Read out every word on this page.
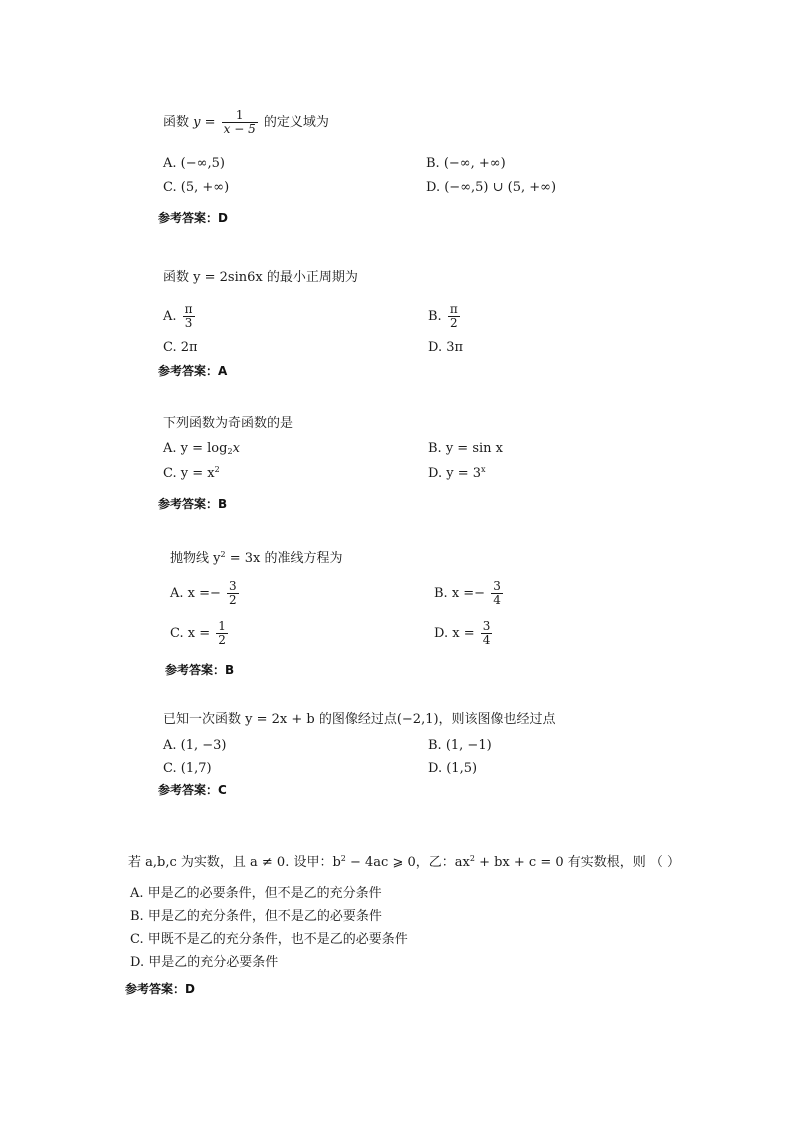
函数 $y = \frac{1}{x - 5}$ 的定义域为
A. (−∞,5)	B. (−∞, +∞)
C. (5, +∞)	D. (−∞,5) ∪ (5, +∞)
参考答案：D
函数 y = 2sin6x 的最小正周期为
A. $\frac{\pi}{3}$	B. $\frac{\pi}{2}$
C. 2π	D. 3π
参考答案：A
下列函数为奇函数的是
A. $y = \log_2x$	B. y = sin x
C. $y = x^2$	D. $y = 3^x$
参考答案：B
抛物线 $y^2 = 3x$ 的准线方程为
A. $x =- \frac{3}{2}$	B. $x =- \frac{3}{4}$
C. $x = \frac{1}{2}$	D. $x = \frac{3}{4}$
参考答案：B
已知一次函数 y = 2x + b 的图像经过点(−2,1)，则该图像也经过点
A. (1, −3)	B. (1, −1)
C. (1,7)	D. (1,5)
参考答案：C
若 a,b,c 为实数，且 a ≠ 0. 设甲：$b^2 - 4ac$ ⩾ 0，乙：$ax^2$ + bx + c = 0 有实数根，则 （ ）
A. 甲是乙的必要条件，但不是乙的充分条件
B. 甲是乙的充分条件，但不是乙的必要条件
C. 甲既不是乙的充分条件，也不是乙的必要条件
D. 甲是乙的充分必要条件
参考答案：D
